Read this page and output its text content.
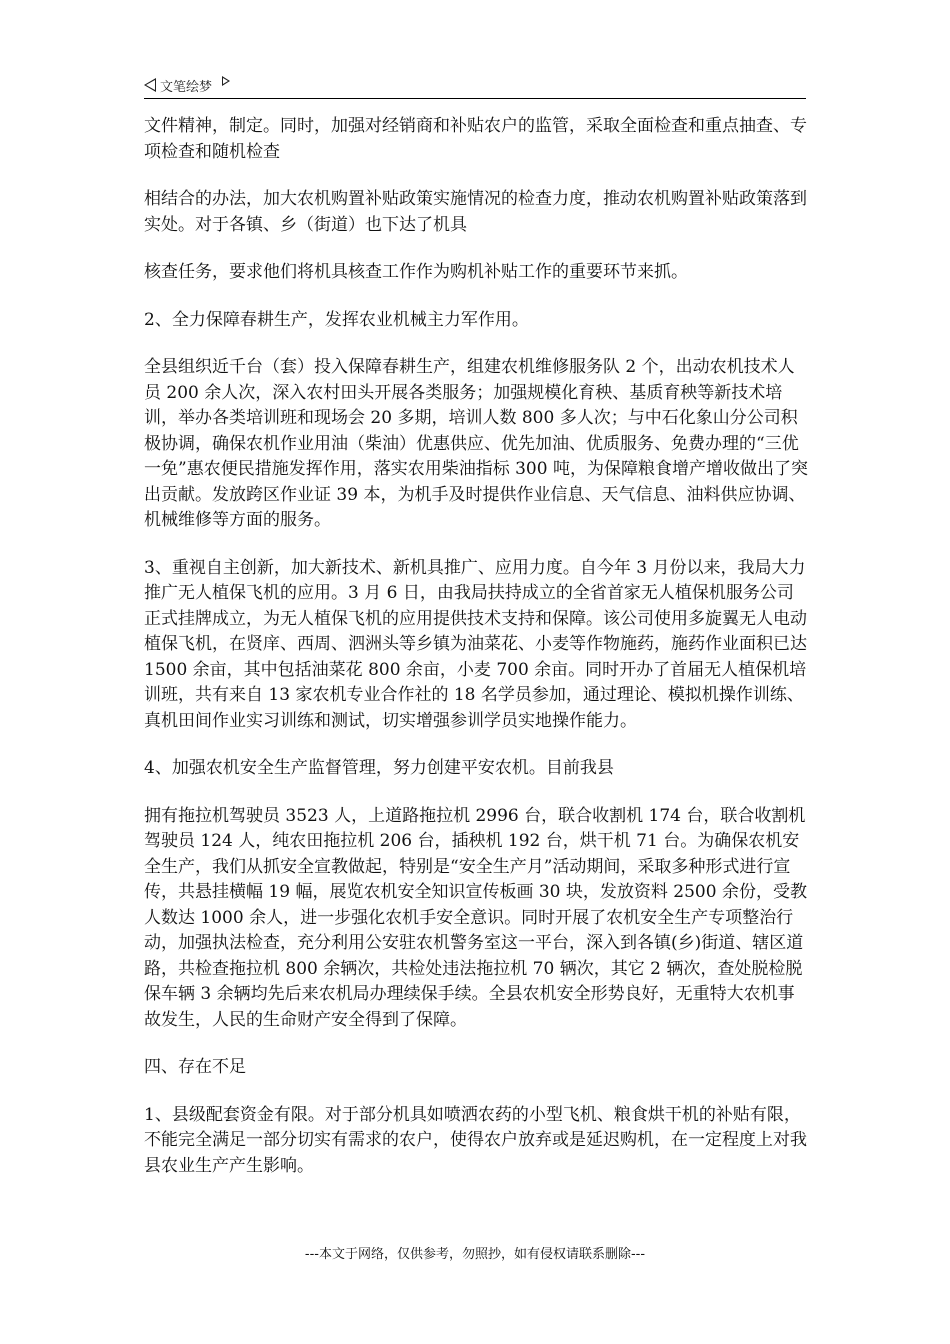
文笔绘梦

文件精神，制定。同时，加强对经销商和补贴农户的监管，采取全面检查和重点抽查、专项检查和随机检查

相结合的办法，加大农机购置补贴政策实施情况的检查力度，推动农机购置补贴政策落到实处。对于各镇、乡（街道）也下达了机具

核查任务，要求他们将机具核查工作作为购机补贴工作的重要环节来抓。

2、全力保障春耕生产，发挥农业机械主力军作用。

全县组织近千台（套）投入保障春耕生产，组建农机维修服务队 2 个，出动农机技术人员 200 余人次，深入农村田头开展各类服务；加强规模化育秧、基质育秧等新技术培训，举办各类培训班和现场会 20 多期，培训人数 800 多人次；与中石化象山分公司积极协调，确保农机作业用油（柴油）优惠供应、优先加油、优质服务、免费办理的“三优一免”惠农便民措施发挥作用，落实农用柴油指标 300 吨，为保障粮食增产增收做出了突出贡献。发放跨区作业证 39 本，为机手及时提供作业信息、天气信息、油料供应协调、机械维修等方面的服务。

3、重视自主创新，加大新技术、新机具推广、应用力度。自今年 3 月份以来，我局大力推广无人植保飞机的应用。3 月 6 日，由我局扶持成立的全省首家无人植保机服务公司正式挂牌成立，为无人植保飞机的应用提供技术支持和保障。该公司使用多旋翼无人电动植保飞机，在贤庠、西周、泗洲头等乡镇为油菜花、小麦等作物施药，施药作业面积已达 1500 余亩，其中包括油菜花 800 余亩，小麦 700 余亩。同时开办了首届无人植保机培训班，共有来自 13 家农机专业合作社的 18 名学员参加，通过理论、模拟机操作训练、真机田间作业实习训练和测试，切实增强参训学员实地操作能力。

4、加强农机安全生产监督管理，努力创建平安农机。目前我县

拥有拖拉机驾驶员 3523 人，上道路拖拉机 2996 台，联合收割机 174 台，联合收割机驾驶员 124 人，纯农田拖拉机 206 台，插秧机 192 台，烘干机 71 台。为确保农机安全生产，我们从抓安全宣教做起，特别是“安全生产月”活动期间，采取多种形式进行宣传，共悬挂横幅 19 幅，展览农机安全知识宣传板画 30 块，发放资料 2500 余份，受教人数达 1000 余人，进一步强化农机手安全意识。同时开展了农机安全生产专项整治行动，加强执法检查，充分利用公安驻农机警务室这一平台，深入到各镇(乡)街道、辖区道路，共检查拖拉机 800 余辆次，共检处违法拖拉机 70 辆次，其它 2 辆次，查处脱检脱保车辆 3 余辆均先后来农机局办理续保手续。全县农机安全形势良好，无重特大农机事故发生，人民的生命财产安全得到了保障。

四、存在不足

1、县级配套资金有限。对于部分机具如喷洒农药的小型飞机、粮食烘干机的补贴有限，不能完全满足一部分切实有需求的农户，使得农户放弃或是延迟购机，在一定程度上对我县农业生产产生影响。

---本文于网络，仅供参考，勿照抄，如有侵权请联系删除---
